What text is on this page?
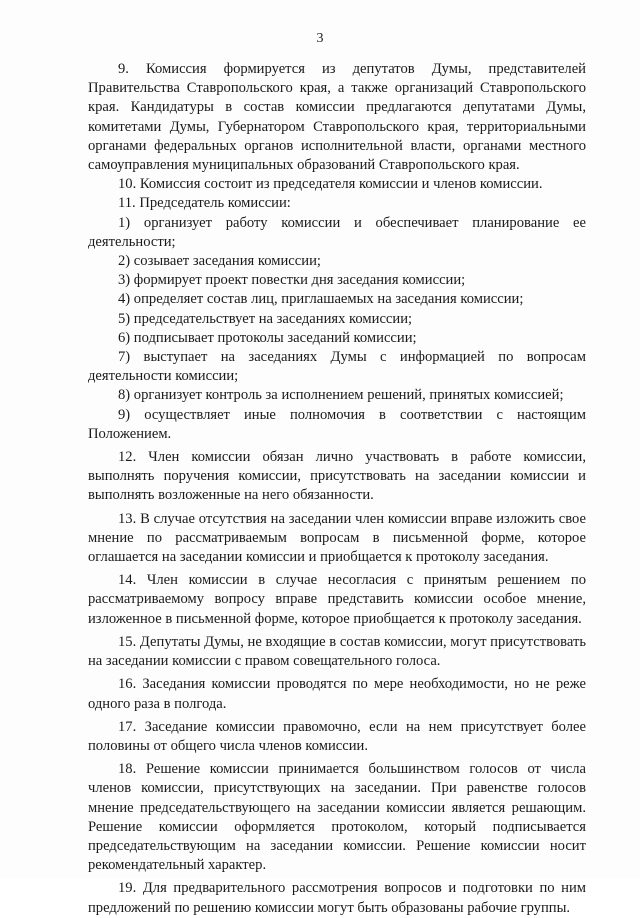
3

9. Комиссия формируется из депутатов Думы, представителей Правительства Ставропольского края, а также организаций Ставропольского края. Кандидатуры в состав комиссии предлагаются депутатами Думы, комитетами Думы, Губернатором Ставропольского края, территориальными органами федеральных органов исполнительной власти, органами местного самоуправления муниципальных образований Ставропольского края.

10. Комиссия состоит из председателя комиссии и членов комиссии.

11. Председатель комиссии:

1) организует работу комиссии и обеспечивает планирование ее деятельности;

2) созывает заседания комиссии;

3) формирует проект повестки дня заседания комиссии;

4) определяет состав лиц, приглашаемых на заседания комиссии;

5) председательствует на заседаниях комиссии;

6) подписывает протоколы заседаний комиссии;

7) выступает на заседаниях Думы с информацией по вопросам деятельности комиссии;

8) организует контроль за исполнением решений, принятых комиссией;

9) осуществляет иные полномочия в соответствии с настоящим Положением.

12. Член комиссии обязан лично участвовать в работе комиссии, выполнять поручения комиссии, присутствовать на заседании комиссии и выполнять возложенные на него обязанности.

13. В случае отсутствия на заседании член комиссии вправе изложить свое мнение по рассматриваемым вопросам в письменной форме, которое оглашается на заседании комиссии и приобщается к протоколу заседания.

14. Член комиссии в случае несогласия с принятым решением по рассматриваемому вопросу вправе представить комиссии особое мнение, изложенное в письменной форме, которое приобщается к протоколу заседания.

15. Депутаты Думы, не входящие в состав комиссии, могут присутствовать на заседании комиссии с правом совещательного голоса.

16. Заседания комиссии проводятся по мере необходимости, но не реже одного раза в полгода.

17. Заседание комиссии правомочно, если на нем присутствует более половины от общего числа членов комиссии.

18. Решение комиссии принимается большинством голосов от числа членов комиссии, присутствующих на заседании. При равенстве голосов мнение председательствующего на заседании комиссии является решающим. Решение комиссии оформляется протоколом, который подписывается председательствующим на заседании комиссии. Решение комиссии носит рекомендательный характер.

19. Для предварительного рассмотрения вопросов и подготовки по ним предложений по решению комиссии могут быть образованы рабочие группы.
